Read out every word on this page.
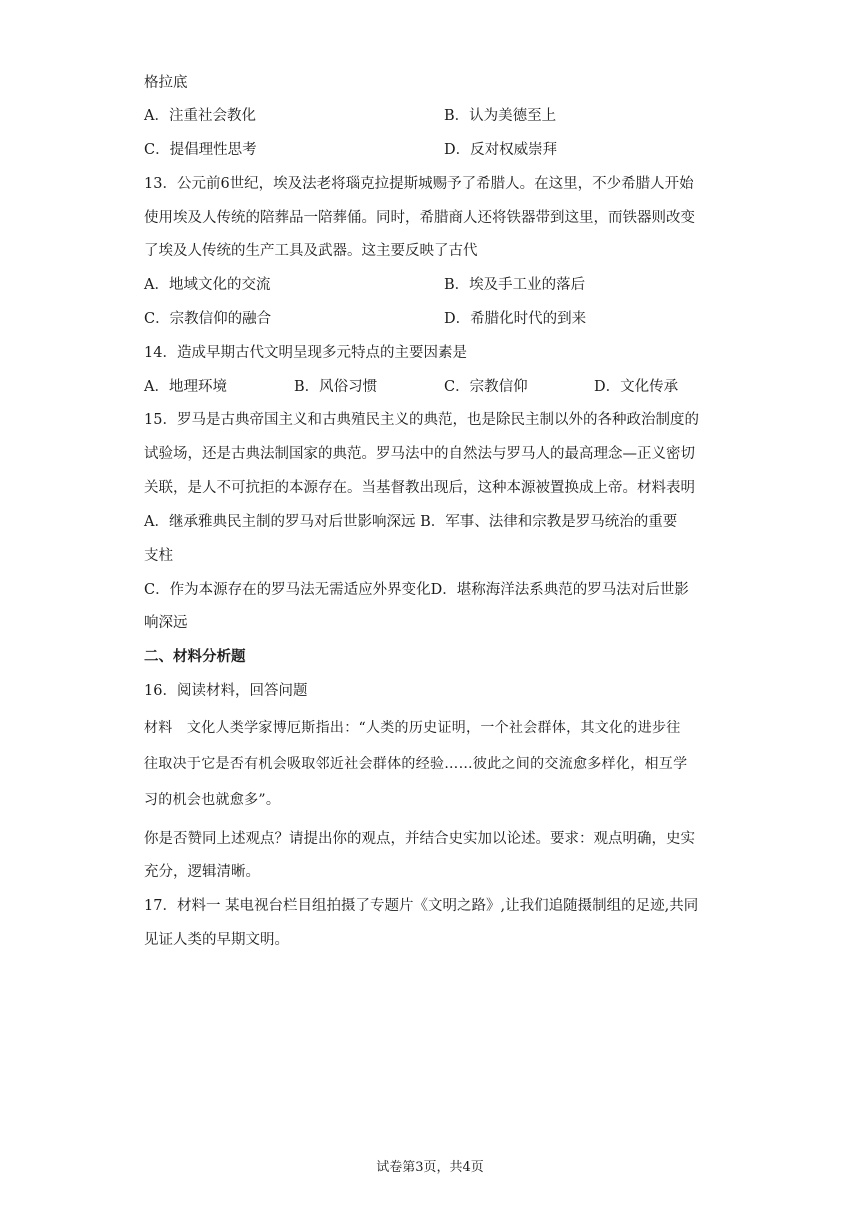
格拉底
A．注重社会教化	B．认为美德至上
C．提倡理性思考	D．反对权威崇拜
13．公元前6世纪，埃及法老将瑙克拉提斯城赐予了希腊人。在这里，不少希腊人开始
使用埃及人传统的陪葬品一陪葬俑。同时，希腊商人还将铁器带到这里，而铁器则改变
了埃及人传统的生产工具及武器。这主要反映了古代
A．地域文化的交流	B．埃及手工业的落后
C．宗教信仰的融合	D．希腊化时代的到来
14．造成早期古代文明呈现多元特点的主要因素是
A．地理环境	B．风俗习惯	C．宗教信仰	D．文化传承
15．罗马是古典帝国主义和古典殖民主义的典范，也是除民主制以外的各种政治制度的
试验场，还是古典法制国家的典范。罗马法中的自然法与罗马人的最高理念—正义密切
关联，是人不可抗拒的本源存在。当基督教出现后，这种本源被置换成上帝。材料表明
A．继承雅典民主制的罗马对后世影响深远 B．军事、法律和宗教是罗马统治的重要
支柱
C．作为本源存在的罗马法无需适应外界变化D．堪称海洋法系典范的罗马法对后世影
响深远
二、材料分析题
16．阅读材料，回答问题
材料　文化人类学家博厄斯指出：“人类的历史证明，一个社会群体，其文化的进步往
往取决于它是否有机会吸取邻近社会群体的经验……彼此之间的交流愈多样化，相互学
习的机会也就愈多”。
你是否赞同上述观点？请提出你的观点，并结合史实加以论述。要求：观点明确，史实
充分，逻辑清晰。
17．材料一 某电视台栏目组拍摄了专题片《文明之路》,让我们追随摄制组的足迹,共同
见证人类的早期文明。
试卷第3页，共4页
